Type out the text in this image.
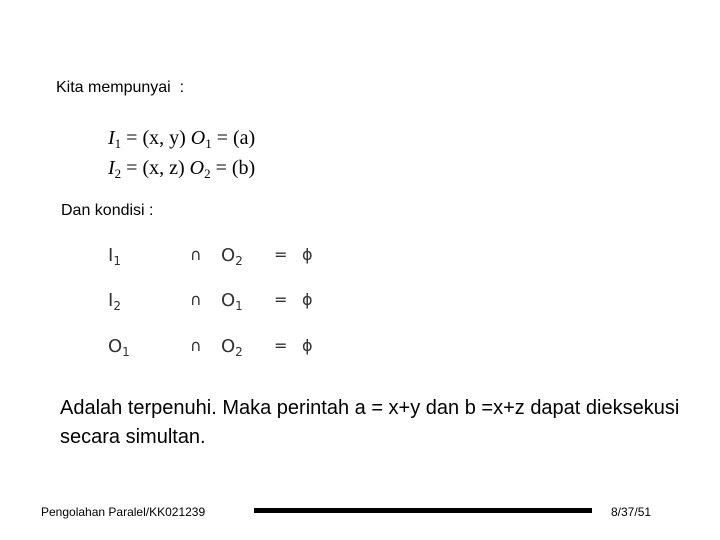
Kita mempunyai  :
$I_1 = (x$, y) $O_1 = (a)$
$I_2 = (x$, z) $O_2 = (b)$
Dan kondisi :
$I_1$	∩ $O_2 = \phi$
$I_2$	∩ $O_1 = \phi$
$O_1$	∩ $O_2 = \phi$
Adalah terpenuhi. Maka perintah a = x+y dan b =x+z dapat dieksekusi secara simultan.
Pengolahan Paralel/KK021239	8/37/51
